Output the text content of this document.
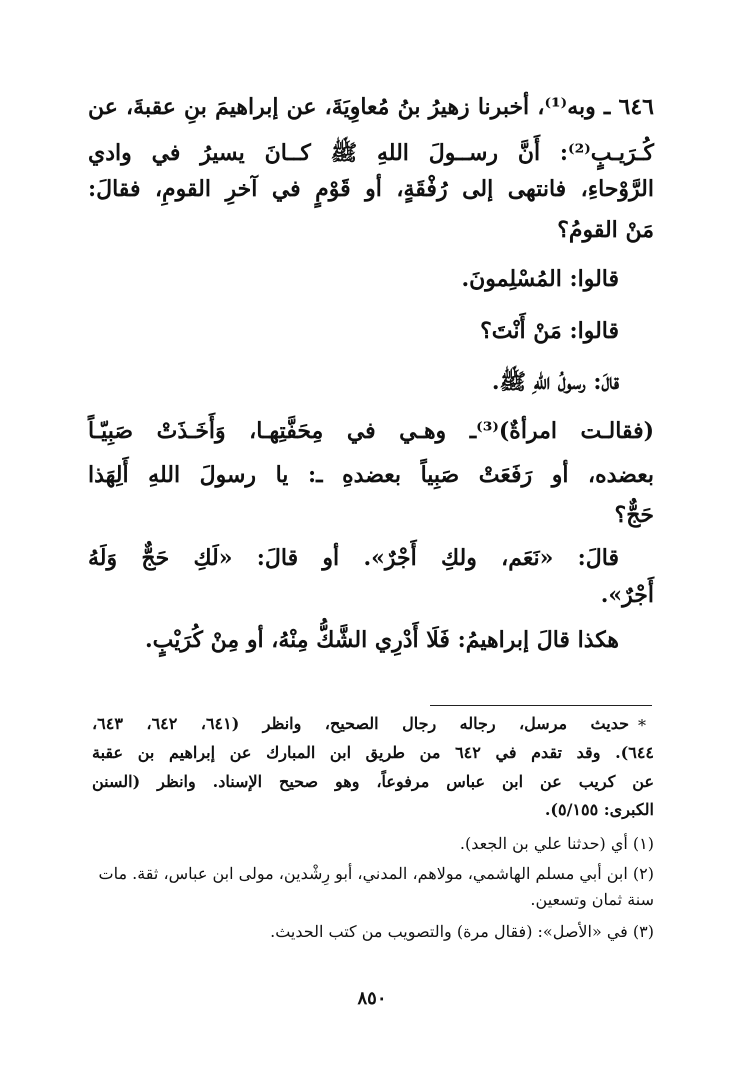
٦٤٦ ـ وبه⁽¹⁾، أخبرنا زهيرُ بنُ مُعاوِيَةَ، عن إبراهيمَ بنِ عقبةَ، عن
كُـرَيـبٍ⁽²⁾: أَنَّ رســولَ اللهِ ﷺ كــانَ يسيرُ في وادي
الرَّوْحاءِ، فانتهى إلى رُفْقَةٍ، أو قَوْمٍ في آخرِ القومِ، فقالَ:
مَنْ القومُ؟
قالوا: المُسْلِمونَ.
قالوا: مَنْ أَنْتَ؟
قالَ: رسولُ اللهِ ﷺ.
(فقالـت امرأةٌ)⁽³⁾ـ وهـي في مِحَفَّتِهـا، وَأَخَـذَتْ صَبِيّـاً
بعضده، أو رَفَعَتْ صَبِياً بعضدهِ ـ: يا رسولَ اللهِ أَلِهَذا
حَجٌّ؟
قالَ: «نَعَم، ولكِ أَجْرٌ». أو قالَ: «لَكِ حَجٌّ وَلَهُ
أَجْرٌ».
هكذا قالَ إبراهيمُ: فَلَا أَدْرِي الشَّكُّ مِنْهُ، أو مِنْ كُرَيْبٍ.
*
حديث مرسل، رجاله رجال الصحيح، وانظر (٦٤١، ٦٤٢، ٦٤٣،
٦٤٤). وقد تقدم في ٦٤٢ من طريق ابن المبارك عن إبراهيم بن عقبة
عن كريب عن ابن عباس مرفوعاً، وهو صحيح الإسناد. وانظر (السنن
الكبرى: ٥/١٥٥).
(١) أي (حدثنا علي بن الجعد).
(٢) ابن أبي مسلم الهاشمي، مولاهم، المدني، أبو رِشْدين، مولى ابن عباس، ثقة. مات
سنة ثمان وتسعين.
(٣) في «الأصل»: (فقال مرة) والتصويب من كتب الحديث.
٨٥٠
